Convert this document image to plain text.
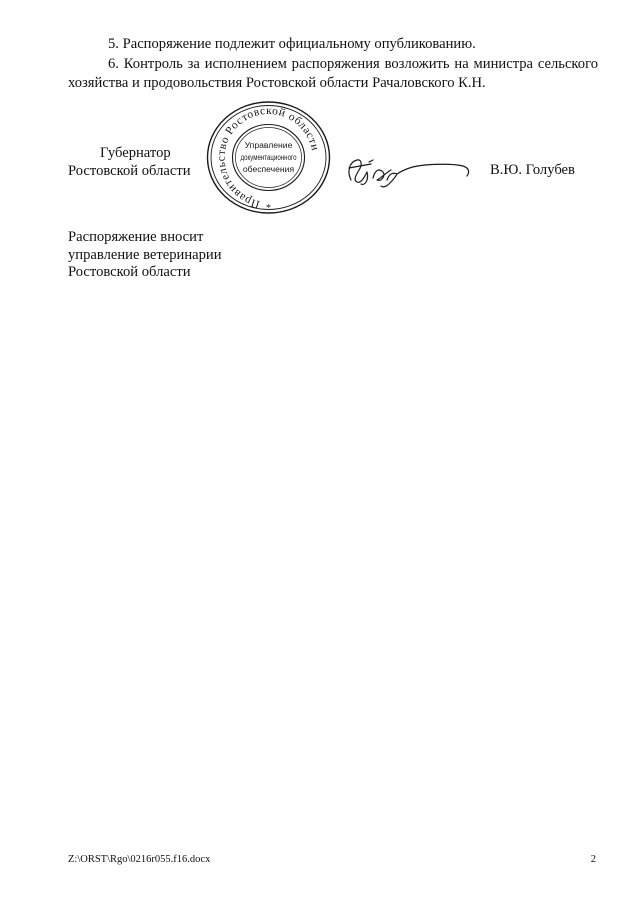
5. Распоряжение подлежит официальному опубликованию.

6. Контроль за исполнением распоряжения возложить на министра сельского хозяйства и продовольствия Ростовской области Рачаловского К.Н.

Губернатор
Ростовской области
Правительство Ростовской области
Управление
документационного
обеспечения
*
В.Ю. Голубев
Распоряжение вносит
управление ветеринарии
Ростовской области
Z:\ORST\Rgo\0216r055.f16.docx	2
